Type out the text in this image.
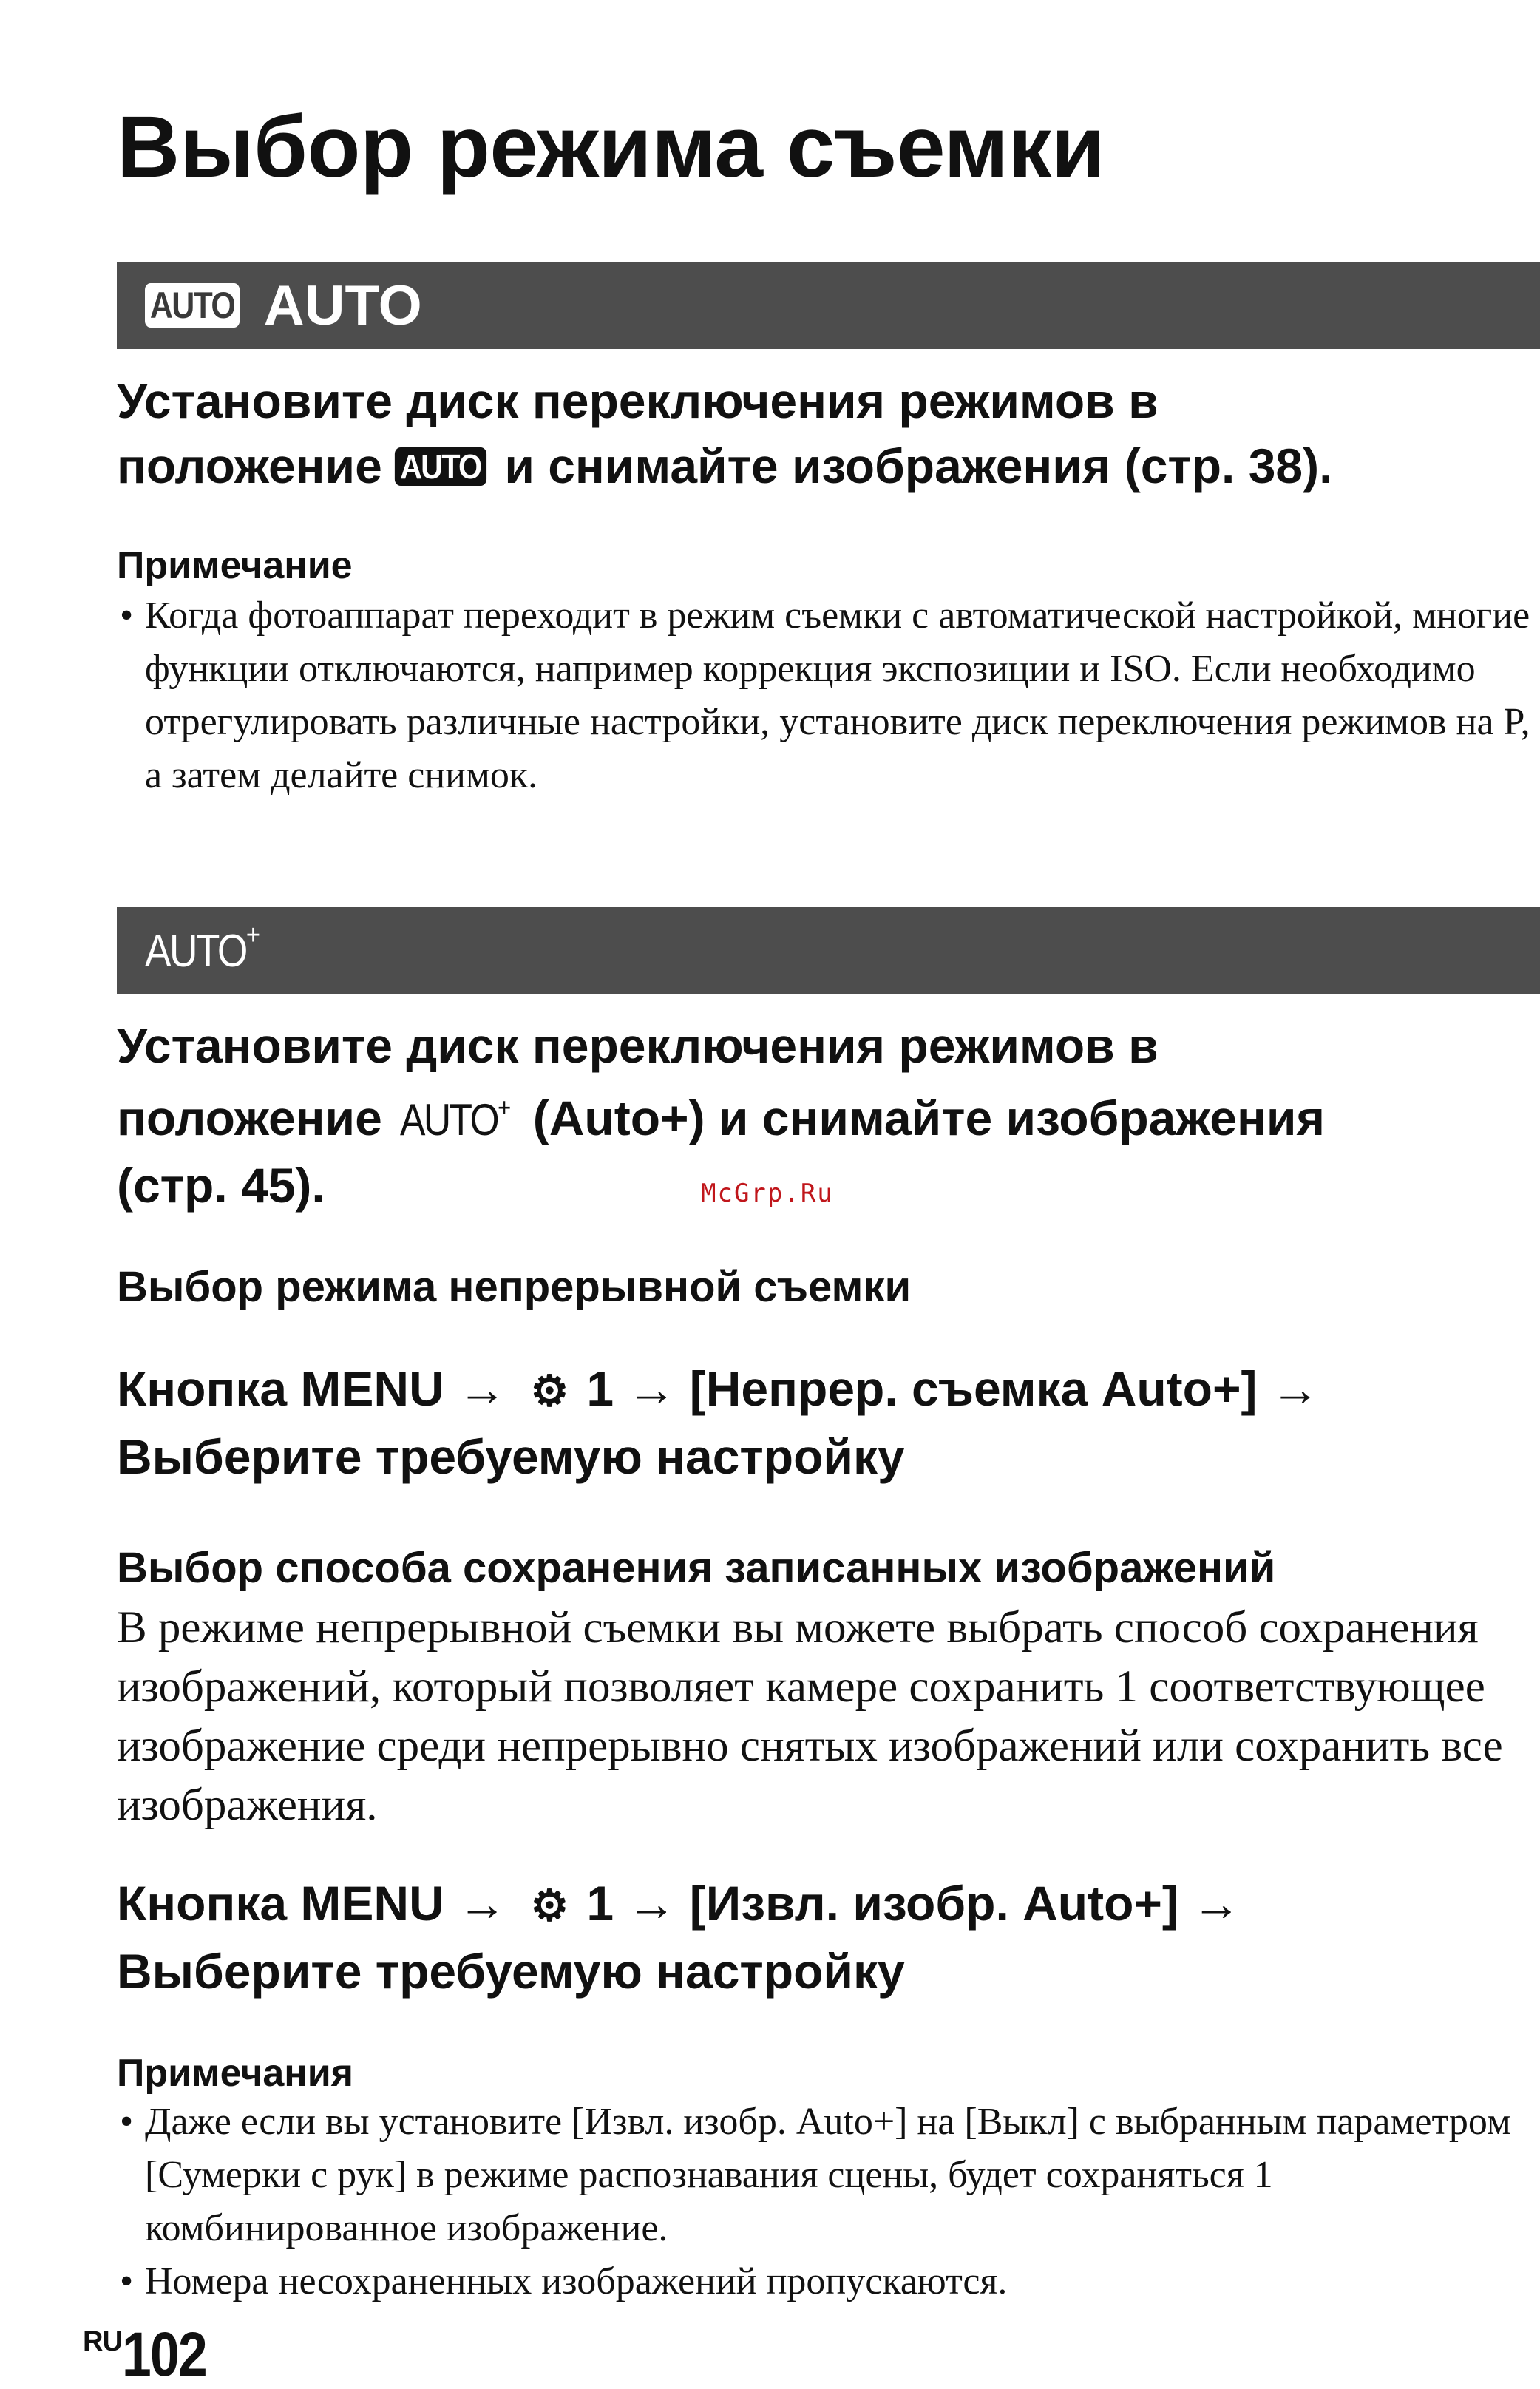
Выбор режима съемки
AUTO AUTO

Установите диск переключения режимов в
положение AUTO и снимайте изображения (стр. 38).

Примечание
• Когда фотоаппарат переходит в режим съемки с автоматической настройкой, многие функции отключаются, например коррекция экспозиции и ISO. Если необходимо отрегулировать различные настройки, установите диск переключения режимов на P, а затем делайте снимок.
AUTO+

Установите диск переключения режимов в
положение AUTO+ (Auto+) и снимайте изображения
(стр. 45).	McGrp.Ru
Выбор режима непрерывной съемки

Кнопка MENU → ⚙ 1 → [Непрер. съемка Auto+] →
Выберите требуемую настройку

Выбор способа сохранения записанных изображений

В режиме непрерывной съемки вы можете выбрать способ сохранения изображений, который позволяет камере сохранить 1 соответствующее изображение среди непрерывно снятых изображений или сохранить все изображения.

Кнопка MENU → ⚙ 1 → [Извл. изобр. Auto+] →
Выберите требуемую настройку

Примечания
• Даже если вы установите [Извл. изобр. Auto+] на [Выкл] с выбранным параметром [Сумерки с рук] в режиме распознавания сцены, будет сохраняться 1 комбинированное изображение.
• Номера несохраненных изображений пропускаются.
RU102
